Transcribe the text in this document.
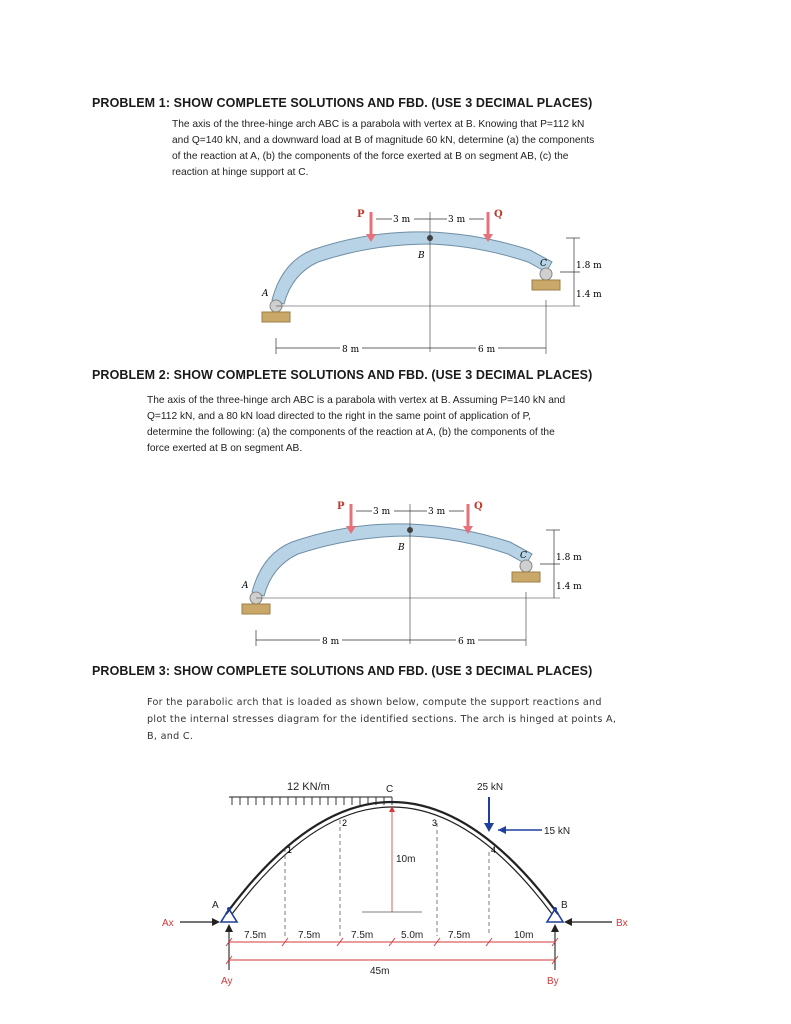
PROBLEM 1: SHOW COMPLETE SOLUTIONS AND FBD. (USE 3 DECIMAL PLACES)
The axis of the three-hinge arch ABC is a parabola with vertex at B. Knowing that P=112 kN
and Q=140 kN, and a downward load at B of magnitude 60 kN, determine (a) the components
of the reaction at A, (b) the components of the force exerted at B on segment AB, (c) the
reaction at hinge support at C.
P	Q
3 m	3 m
A
B
C	1.8 m
1.4 m
8 m	6 m
PROBLEM 2: SHOW COMPLETE SOLUTIONS AND FBD. (USE 3 DECIMAL PLACES)
The axis of the three-hinge arch ABC is a parabola with vertex at B. Assuming P=140 kN and
Q=112 kN, and a 80 kN load directed to the right in the same point of application of P,
determine the following: (a) the components of the reaction at A, (b) the components of the
force exerted at B on segment AB.
P	Q
3 m	3 m
A
B
C	1.8 m
1.4 m
8 m	6 m
PROBLEM 3: SHOW COMPLETE SOLUTIONS AND FBD. (USE 3 DECIMAL PLACES)
For the parabolic arch that is loaded as shown below, compute the support reactions and
plot the internal stresses diagram for the identified sections. The arch is hinged at points A,
B, and C.
12 KN/m	C
10m
1
2	3
4
25 kN
15 kN
A	B
Ax	Bx
Ay	By
7.5m	7.5m	7.5m	5.0m 7.5m	10m
45m
